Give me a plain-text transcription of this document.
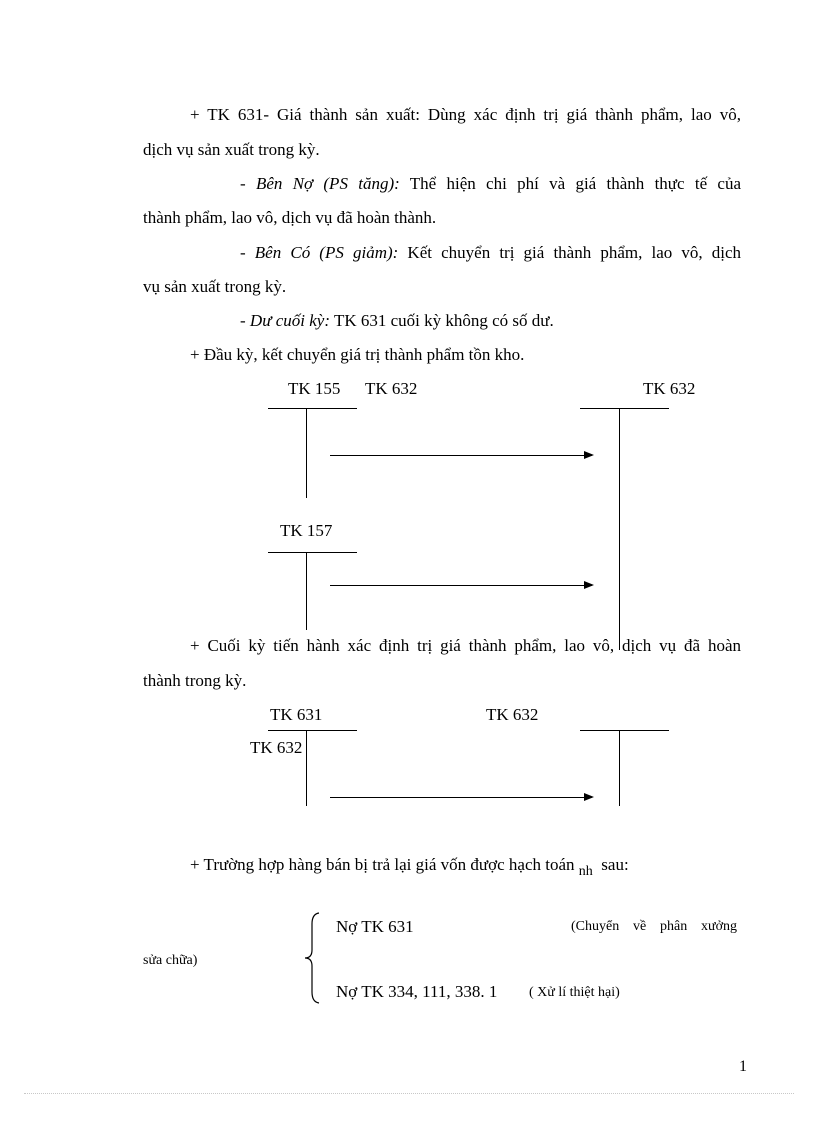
+ TK 631- Giá thành sản xuất: Dùng xác định trị giá thành phẩm, lao vô,
dịch vụ sản xuất trong kỳ.
- Bên Nợ (PS tăng): Thể hiện chi phí và giá thành thực tế của
thành phẩm, lao vô, dịch vụ đã hoàn thành.
- Bên Có (PS giảm): Kết chuyển trị giá thành phẩm, lao vô, dịch
vụ sản xuất trong kỳ.
- Dư cuối kỳ: TK 631 cuối kỳ không có số dư.
+ Đầu kỳ, kết chuyển giá trị thành phẩm tồn kho.
TK 155 TK 632	TK 632
TK 157
+ Cuối kỳ tiến hành xác định trị giá thành phẩm, lao vô, dịch vụ đã hoàn
thành trong kỳ.
TK 631	TK 632
TK 632
+ Trường hợp hàng bán bị trả lại giá vốn được hạch toán $_{nh}$ sau:
Nợ TK 631	(Chuyển về phân xưởng
sửa chữa)
Nợ TK 334, 111, 338. 1 ( Xử lí thiệt hại)
1
